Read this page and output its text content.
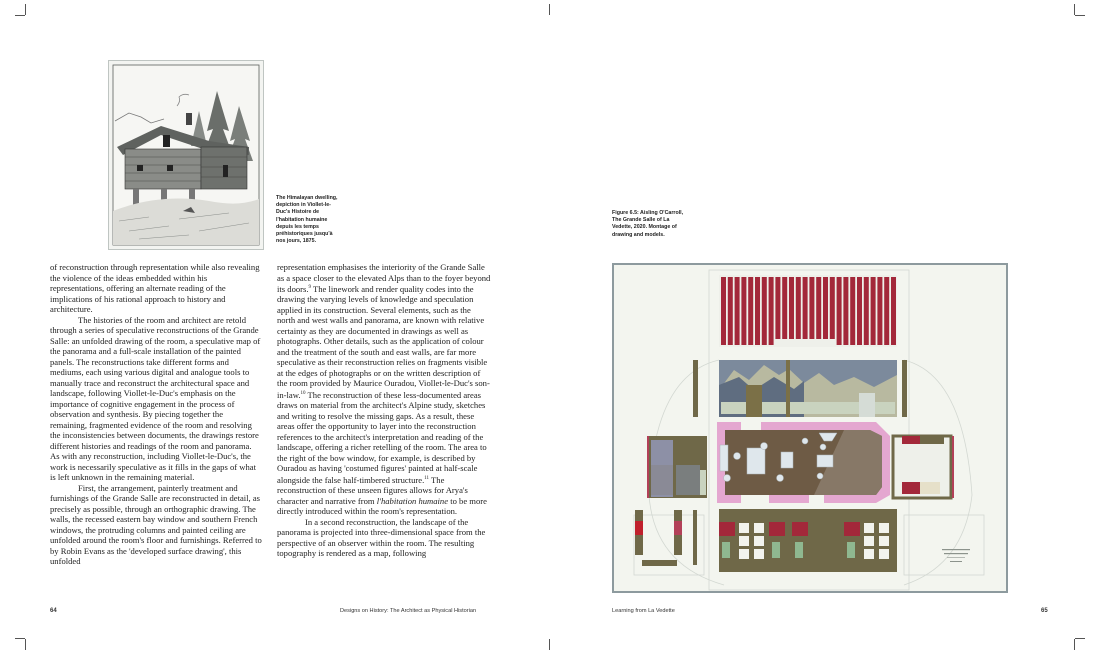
The Himalayan dwelling, depiction in Viollet-le-Duc's Histoire de l'habitation humaine depuis les temps préhistoriques jusqu'à nos jours, 1875.

of reconstruction through representation while also revealing the violence of the ideas embedded within his representations, offering an alternate reading of the implications of his rational approach to history and architecture.

The histories of the room and architect are retold through a series of speculative reconstructions of the Grande Salle: an unfolded drawing of the room, a speculative map of the panorama and a full-scale installation of the painted panels. The reconstructions take different forms and mediums, each using various digital and analogue tools to manually trace and reconstruct the architectural space and landscape, following Viollet-le-Duc's emphasis on the importance of cognitive engagement in the process of observation and synthesis. By piecing together the remaining, fragmented evidence of the room and resolving the inconsistencies between documents, the drawings restore different histories and readings of the room and panorama. As with any reconstruction, including Viollet-le-Duc's, the work is necessarily speculative as it fills in the gaps of what is left unknown in the remaining material.

First, the arrangement, painterly treatment and furnishings of the Grande Salle are reconstructed in detail, as precisely as possible, through an orthographic drawing. The walls, the recessed eastern bay window and southern French windows, the protruding columns and painted ceiling are unfolded around the room's floor and furnishings. Referred to by Robin Evans as the 'developed surface drawing', this unfolded

representation emphasises the interiority of the Grande Salle as a space closer to the elevated Alps than to the foyer beyond its doors.$^9$ The linework and render quality codes into the drawing the varying levels of knowledge and speculation applied in its construction. Several elements, such as the north and west walls and panorama, are known with relative certainty as they are documented in drawings as well as photographs. Other details, such as the application of colour and the treatment of the south and east walls, are far more speculative as their reconstruction relies on fragments visible at the edges of photographs or on the written description of the room provided by Maurice Ouradou, Viollet-le-Duc's son-in-law.$^{10}$ The reconstruction of these less-documented areas draws on material from the architect's Alpine study, sketches and writing to resolve the missing gaps. As a result, these areas offer the opportunity to layer into the reconstruction references to the architect's interpretation and reading of the landscape, offering a richer retelling of the room. The area to the right of the bow window, for example, is described by Ouradou as having 'costumed figures' painted at half-scale alongside the false half-timbered structure.$^{11}$ The reconstruction of these unseen figures allows for Arya's character and narrative from l'habitation humaine to be more directly introduced within the room's representation.

In a second reconstruction, the landscape of the panorama is projected into three-dimensional space from the perspective of an observer within the room. The resulting topography is rendered as a map, following

64	Designs on History: The Architect as Physical Historian
Figure 6.5: Aisling O'Carroll, The Grande Salle of La Vedette, 2020. Montage of drawing and models.
Learning from La Vedette	65
